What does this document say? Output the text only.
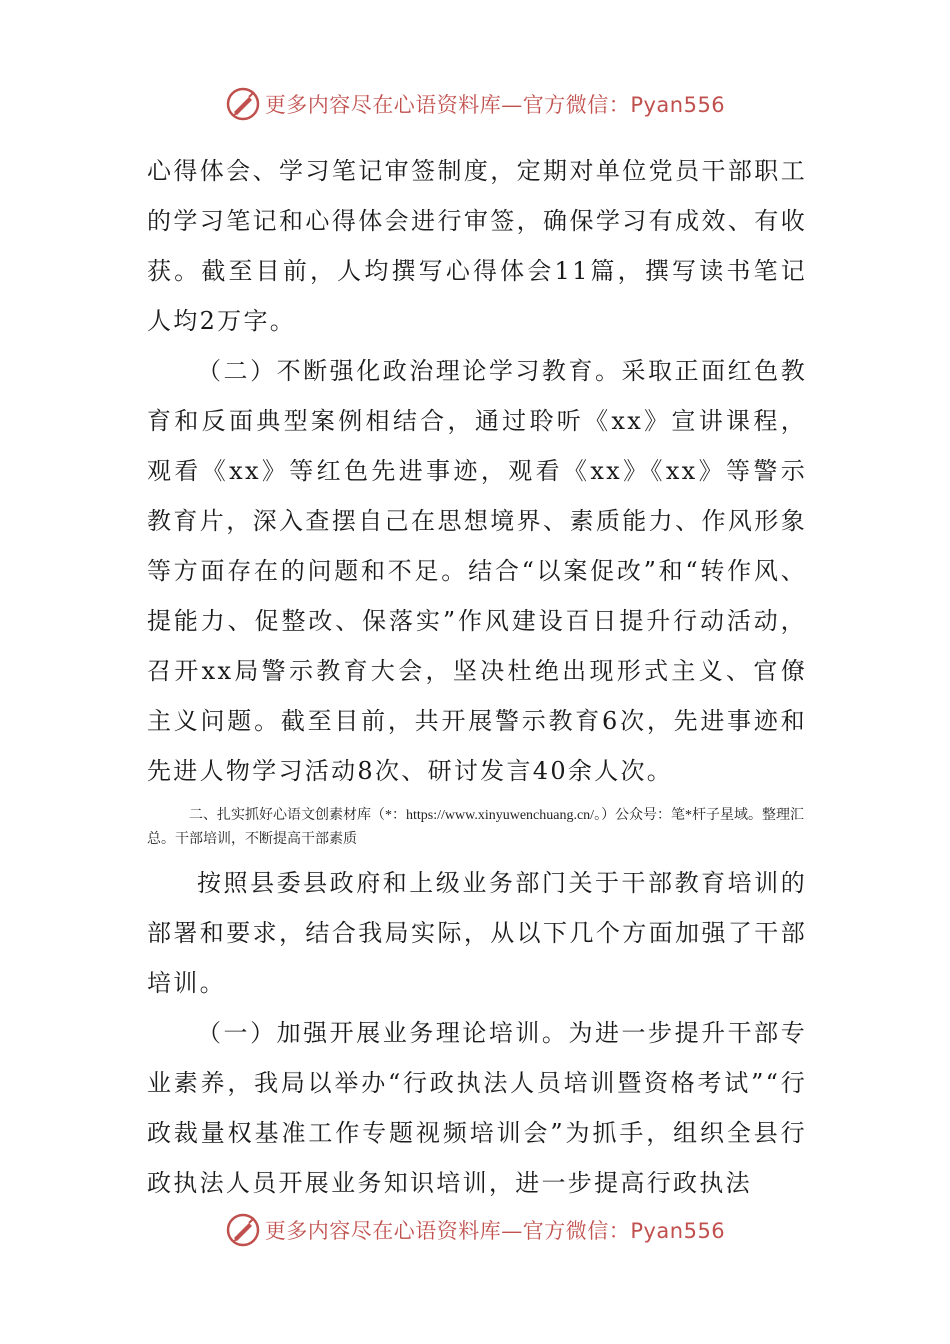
更多内容尽在心语资料库—官方微信：Pyan556

心得体会、学习笔记审签制度，定期对单位党员干部职工的学习笔记和心得体会进行审签，确保学习有成效、有收获。截至目前，人均撰写心得体会11篇，撰写读书笔记人均2万字。

（二）不断强化政治理论学习教育。采取正面红色教育和反面典型案例相结合，通过聆听《xx》宣讲课程，观看《xx》等红色先进事迹，观看《xx》《xx》等警示教育片，深入查摆自己在思想境界、素质能力、作风形象等方面存在的问题和不足。结合“以案促改”和“转作风、提能力、促整改、保落实”作风建设百日提升行动活动，召开xx局警示教育大会，坚决杜绝出现形式主义、官僚主义问题。截至目前，共开展警示教育6次，先进事迹和先进人物学习活动8次、研讨发言40余人次。

二、扎实抓好心语文创素材库（*：https://www.xinyuwenchuang.cn/。）公众号：笔*杆子星域。整理汇总。干部培训，不断提高干部素质

按照县委县政府和上级业务部门关于干部教育培训的部署和要求，结合我局实际，从以下几个方面加强了干部培训。

（一）加强开展业务理论培训。为进一步提升干部专业素养，我局以举办“行政执法人员培训暨资格考试”“行政裁量权基准工作专题视频培训会”为抓手，组织全县行政执法人员开展业务知识培训，进一步提高行政执法

更多内容尽在心语资料库—官方微信：Pyan556
